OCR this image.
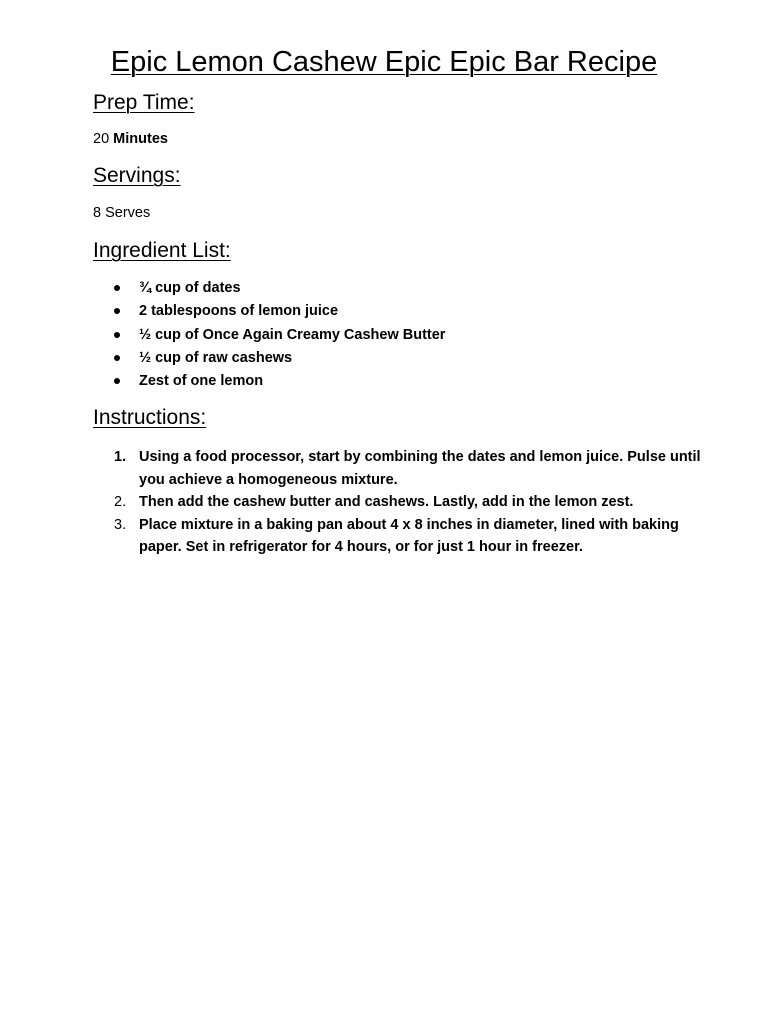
Epic Lemon Cashew Epic Epic Bar Recipe
Prep Time:
20 Minutes
Servings:
8 Serves
Ingredient List:
¾ cup of dates
2 tablespoons of lemon juice
½ cup of Once Again Creamy Cashew Butter
½ cup of raw cashews
Zest of one lemon
Instructions:
1. Using a food processor, start by combining the dates and lemon juice. Pulse until you achieve a homogeneous mixture.
2. Then add the cashew butter and cashews. Lastly, add in the lemon zest.
3. Place mixture in a baking pan about 4 x 8 inches in diameter, lined with baking paper. Set in refrigerator for 4 hours, or for just 1 hour in freezer.
